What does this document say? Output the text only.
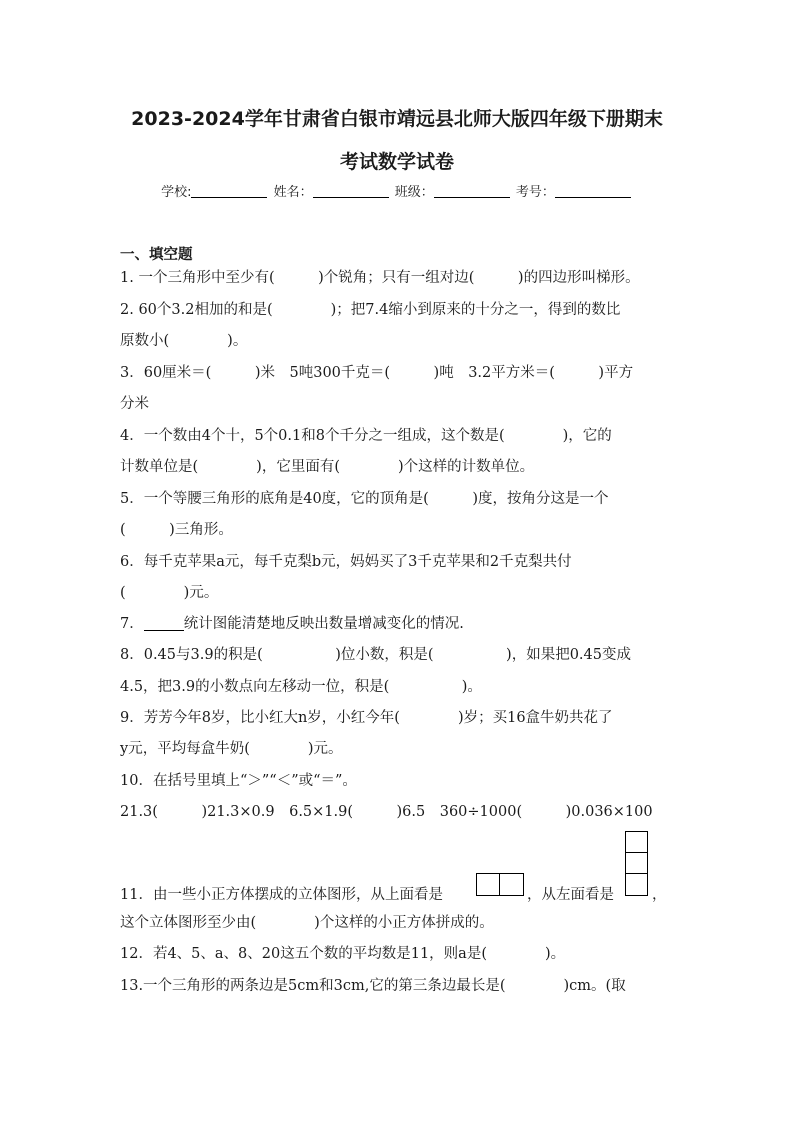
2023-2024学年甘肃省白银市靖远县北师大版四年级下册期末
考试数学试卷
学校:	姓名：	班级：	考号：
一、填空题
1. 一个三角形中至少有(　　　)个锐角；只有一组对边(　　　)的四边形叫梯形。
2. 60个3.2相加的和是(　　　　)；把7.4缩小到原来的十分之一，得到的数比
原数小(　　　　)。
3．60厘米＝(　　　)米　5吨300千克＝(　　　)吨　3.2平方米＝(　　　)平方
分米
4．一个数由4个十，5个0.1和8个千分之一组成，这个数是(　　　　)，它的
计数单位是(　　　　)，它里面有(　　　　)个这样的计数单位。
5．一个等腰三角形的底角是40度，它的顶角是(　　　)度，按角分这是一个
(　　　)三角形。
6．每千克苹果a元，每千克梨b元，妈妈买了3千克苹果和2千克梨共付
(　　　　)元。
7．	统计图能清楚地反映出数量增减变化的情况.
8．0.45与3.9的积是(　　　　　)位小数，积是(　　　　　)，如果把0.45变成
4.5，把3.9的小数点向左移动一位，积是(　　　　　)。
9．芳芳今年8岁，比小红大n岁，小红今年(　　　　)岁；买16盒牛奶共花了
y元，平均每盒牛奶(　　　　)元。
10．在括号里填上“＞”“＜”或“＝”。
21.3(　　　)21.3×0.9　6.5×1.9(　　　)6.5　360÷1000(　　　)0.036×100
11．由一些小正方体摆成的立体图形，从上面看是	，从左面看是	，
这个立体图形至少由(　　　　)个这样的小正方体拼成的。
12．若4、5、a、8、20这五个数的平均数是11，则a是(　　　　)。
13.一个三角形的两条边是5cm和3cm,它的第三条边最长是(　　　　)cm。(取
